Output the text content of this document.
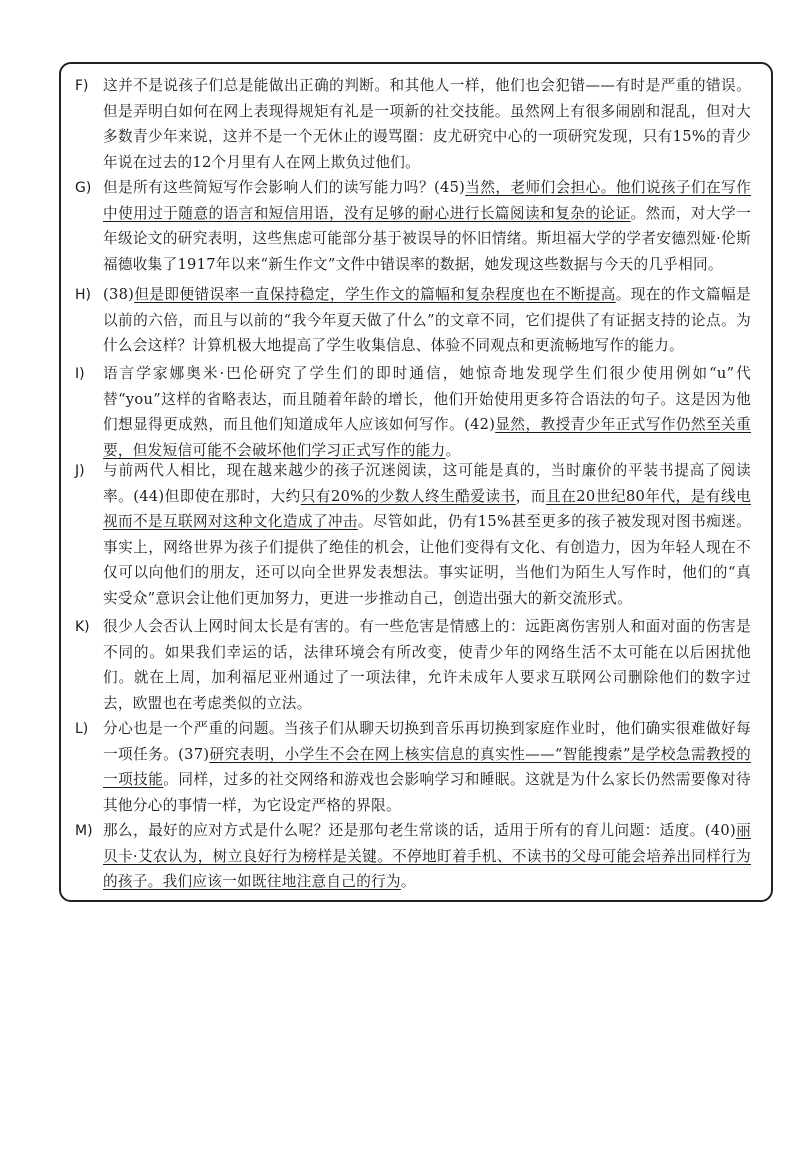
F) 这并不是说孩子们总是能做出正确的判断。和其他人一样，他们也会犯错——有时是严重的错误。但是弄明白如何在网上表现得规矩有礼是一项新的社交技能。虽然网上有很多闹剧和混乱，但对大多数青少年来说，这并不是一个无休止的谩骂圈：皮尤研究中心的一项研究发现，只有15%的青少年说在过去的12个月里有人在网上欺负过他们。

G) 但是所有这些简短写作会影响人们的读写能力吗？(45)当然，老师们会担心。他们说孩子们在写作中使用过于随意的语言和短信用语，没有足够的耐心进行长篇阅读和复杂的论证。然而，对大学一年级论文的研究表明，这些焦虑可能部分基于被误导的怀旧情绪。斯坦福大学的学者安德烈娅·伦斯福德收集了1917年以来“新生作文”文件中错误率的数据，她发现这些数据与今天的几乎相同。

H) (38)但是即便错误率一直保持稳定，学生作文的篇幅和复杂程度也在不断提高。现在的作文篇幅是以前的六倍，而且与以前的“我今年夏天做了什么”的文章不同，它们提供了有证据支持的论点。为什么会这样？计算机极大地提高了学生收集信息、体验不同观点和更流畅地写作的能力。

I)	语言学家娜奥米·巴伦研究了学生们的即时通信，她惊奇地发现学生们很少使用例如“u”代替“you”这样的省略表达，而且随着年龄的增长，他们开始使用更多符合语法的句子。这是因为他们想显得更成熟，而且他们知道成年人应该如何写作。(42)显然，教授青少年正式写作仍然至关重要，但发短信可能不会破坏他们学习正式写作的能力。

J)	与前两代人相比，现在越来越少的孩子沉迷阅读，这可能是真的，当时廉价的平装书提高了阅读率。(44)但即使在那时，大约只有20%的少数人终生酷爱读书，而且在20世纪80年代，是有线电视而不是互联网对这种文化造成了冲击。尽管如此，仍有15%甚至更多的孩子被发现对图书痴迷。事实上，网络世界为孩子们提供了绝佳的机会，让他们变得有文化、有创造力，因为年轻人现在不仅可以向他们的朋友，还可以向全世界发表想法。事实证明，当他们为陌生人写作时，他们的“真实受众”意识会让他们更加努力，更进一步推动自己，创造出强大的新交流形式。

K) 很少人会否认上网时间太长是有害的。有一些危害是情感上的：远距离伤害别人和面对面的伤害是不同的。如果我们幸运的话，法律环境会有所改变，使青少年的网络生活不太可能在以后困扰他们。就在上周，加利福尼亚州通过了一项法律，允许未成年人要求互联网公司删除他们的数字过去，欧盟也在考虑类似的立法。

L)	分心也是一个严重的问题。当孩子们从聊天切换到音乐再切换到家庭作业时，他们确实很难做好每一项任务。(37)研究表明，小学生不会在网上核实信息的真实性——“智能搜索”是学校急需教授的一项技能。同样，过多的社交网络和游戏也会影响学习和睡眠。这就是为什么家长仍然需要像对待其他分心的事情一样，为它设定严格的界限。

M) 那么，最好的应对方式是什么呢？还是那句老生常谈的话，适用于所有的育儿问题：适度。(40)丽贝卡·艾农认为，树立良好行为榜样是关键。不停地盯着手机、不读书的父母可能会培养出同样行为的孩子。我们应该一如既往地注意自己的行为。
